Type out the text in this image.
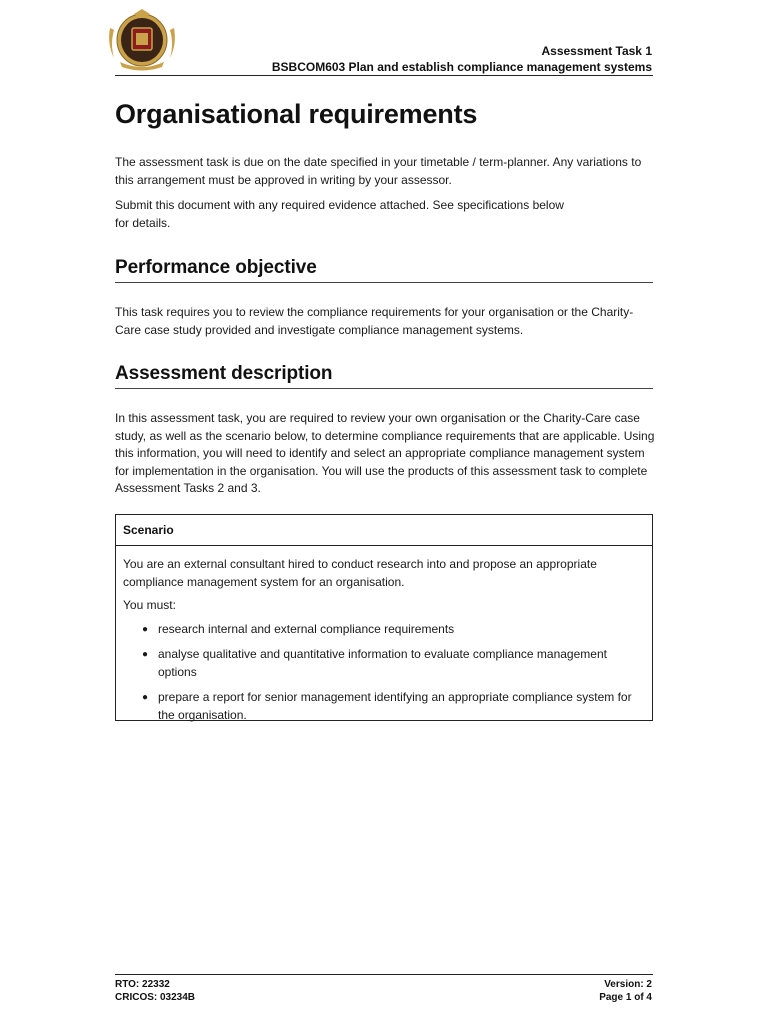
Assessment Task 1
BSBCOM603 Plan and establish compliance management systems
Organisational requirements

The assessment task is due on the date specified in your timetable / term-planner. Any variations to this arrangement must be approved in writing by your assessor.

Submit this document with any required evidence attached. See specifications below
for details.

Performance objective

This task requires you to review the compliance requirements for your organisation or the Charity-Care case study provided and investigate compliance management systems.

Assessment description

In this assessment task, you are required to review your own organisation or the Charity-Care case study, as well as the scenario below, to determine compliance requirements that are applicable. Using this information, you will need to identify and select an appropriate compliance management system for implementation in the organisation. You will use the products of this assessment task to complete Assessment Tasks 2 and 3.

Scenario

You are an external consultant hired to conduct research into and propose an appropriate compliance management system for an organisation.

You must:

● research internal and external compliance requirements
● analyse qualitative and quantitative information to evaluate compliance management options
● prepare a report for senior management identifying an appropriate compliance system for the organisation.
RTO: 22332
CRICOS: 03234B
Version: 2
Page 1 of 4
